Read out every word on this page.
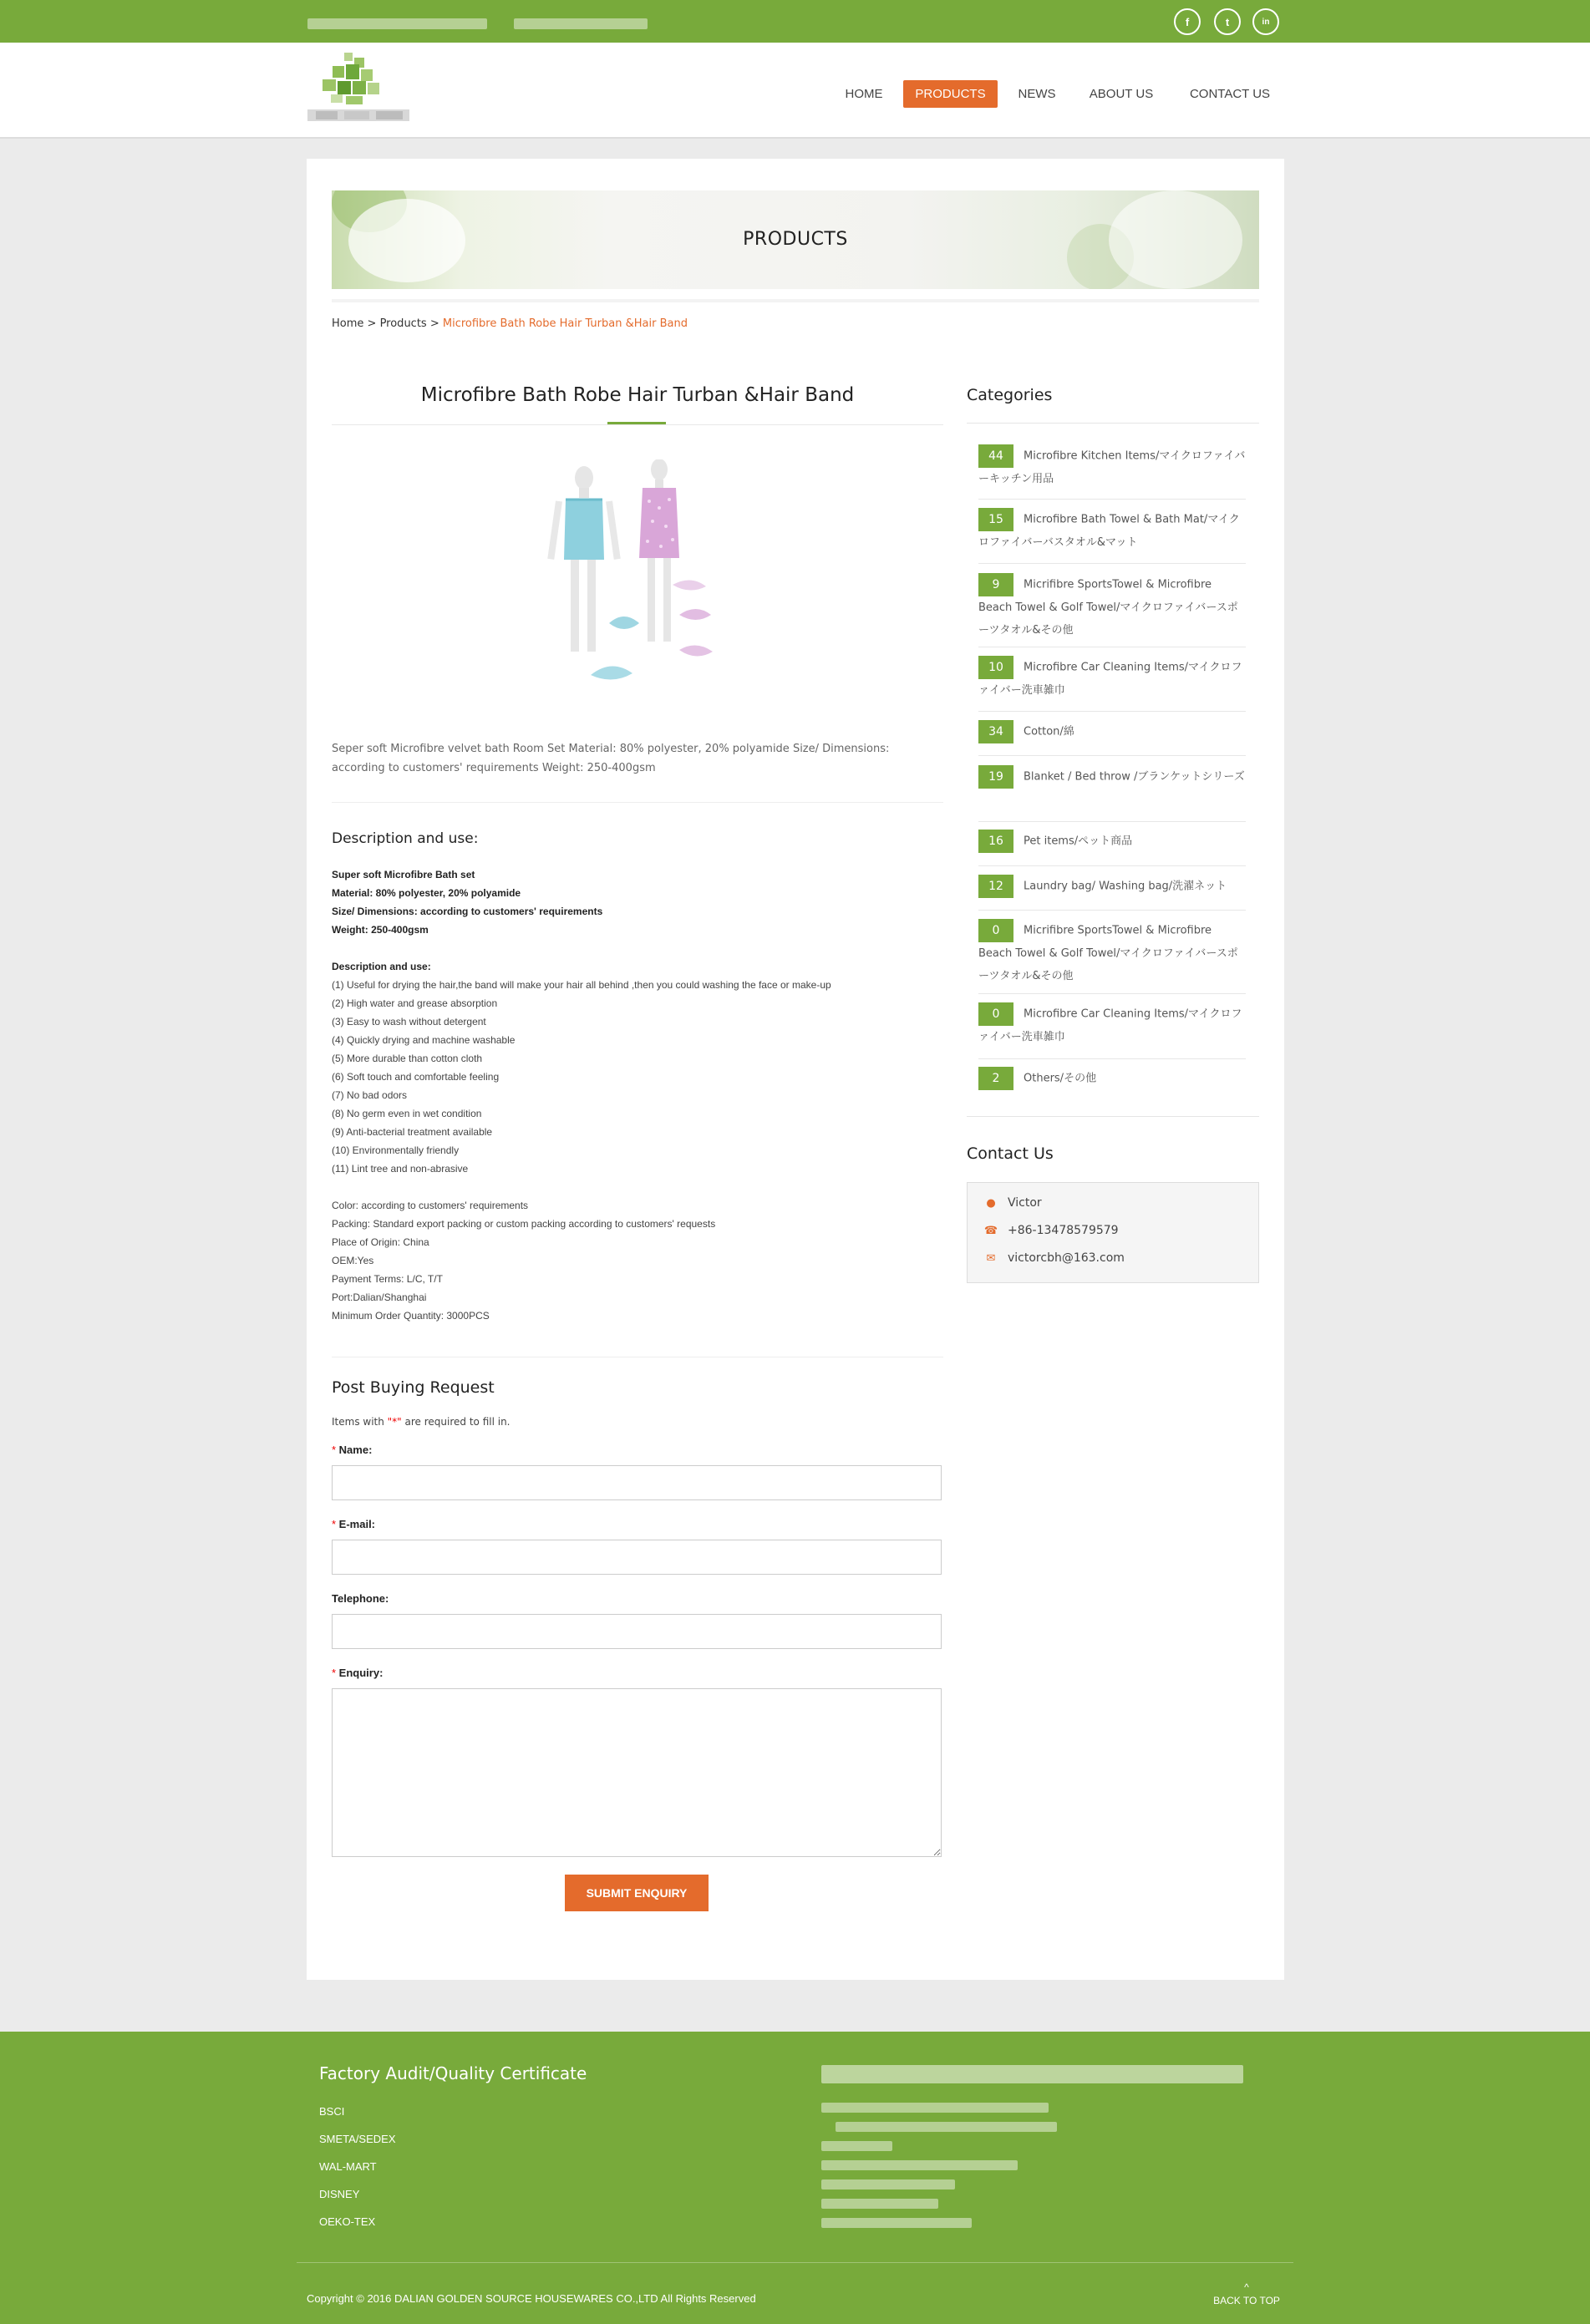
f	t	in
HOME	PRODUCTS	NEWS	ABOUT US	CONTACT US
PRODUCTS
Home > Products > Microfibre Bath Robe Hair Turban &Hair Band
Microfibre Bath Robe Hair Turban &Hair Band
Seper soft Microfibre velvet bath Room Set Material: 80% polyester, 20% polyamide Size/ Dimensions: according to customers' requirements Weight: 250-400gsm
Description and use:
Super soft Microfibre Bath set
Material: 80% polyester, 20% polyamide
Size/ Dimensions: according to customers' requirements
Weight: 250-400gsm
Description and use:
(1) Useful for drying the hair,the band will make your hair all behind ,then you could washing the face or make-up
(2) High water and grease absorption
(3) Easy to wash without detergent
(4) Quickly drying and machine washable
(5) More durable than cotton cloth
(6) Soft touch and comfortable feeling
(7) No bad odors
(8) No germ even in wet condition
(9) Anti-bacterial treatment available
(10) Environmentally friendly
(11) Lint tree and non-abrasive
Color: according to customers' requirements
Packing: Standard export packing or custom packing according to customers' requests
Place of Origin: China
OEM:Yes
Payment Terms: L/C, T/T
Port:Dalian/Shanghai
Minimum Order Quantity: 3000PCS
Post Buying Request
Items with "*" are required to fill in.
* Name:
* E-mail:
Telephone:
* Enquiry:
SUBMIT ENQUIRY
Categories
44 Microfibre Kitchen Items/マイクロファイバーキッチン用品
15 Microfibre Bath Towel & Bath Mat/マイクロファイバーバスタオル&マット
9 Micrifibre SportsTowel & Microfibre Beach Towel & Golf Towel/マイクロファイバースポーツタオル&その他
10 Microfibre Car Cleaning Items/マイクロファイバー洗車雑巾
34 Cotton/綿
19 Blanket / Bed throw /ブランケットシリーズ
16 Pet items/ペット商品
12 Laundry bag/ Washing bag/洗濯ネット
0 Micrifibre SportsTowel & Microfibre Beach Towel & Golf Towel/マイクロファイバースポーツタオル&その他
0 Microfibre Car Cleaning Items/マイクロファイバー洗車雑巾
2 Others/その他
Contact Us
● Victor
☎ +86-13478579579
✉ victorcbh@163.com
Factory Audit/Quality Certificate
BSCI
SMETA/SEDEX
WAL-MART
DISNEY
OEKO-TEX
Copyright © 2016 DALIAN GOLDEN SOURCE HOUSEWARES CO.,LTD All Rights Reserved
^
BACK TO TOP
